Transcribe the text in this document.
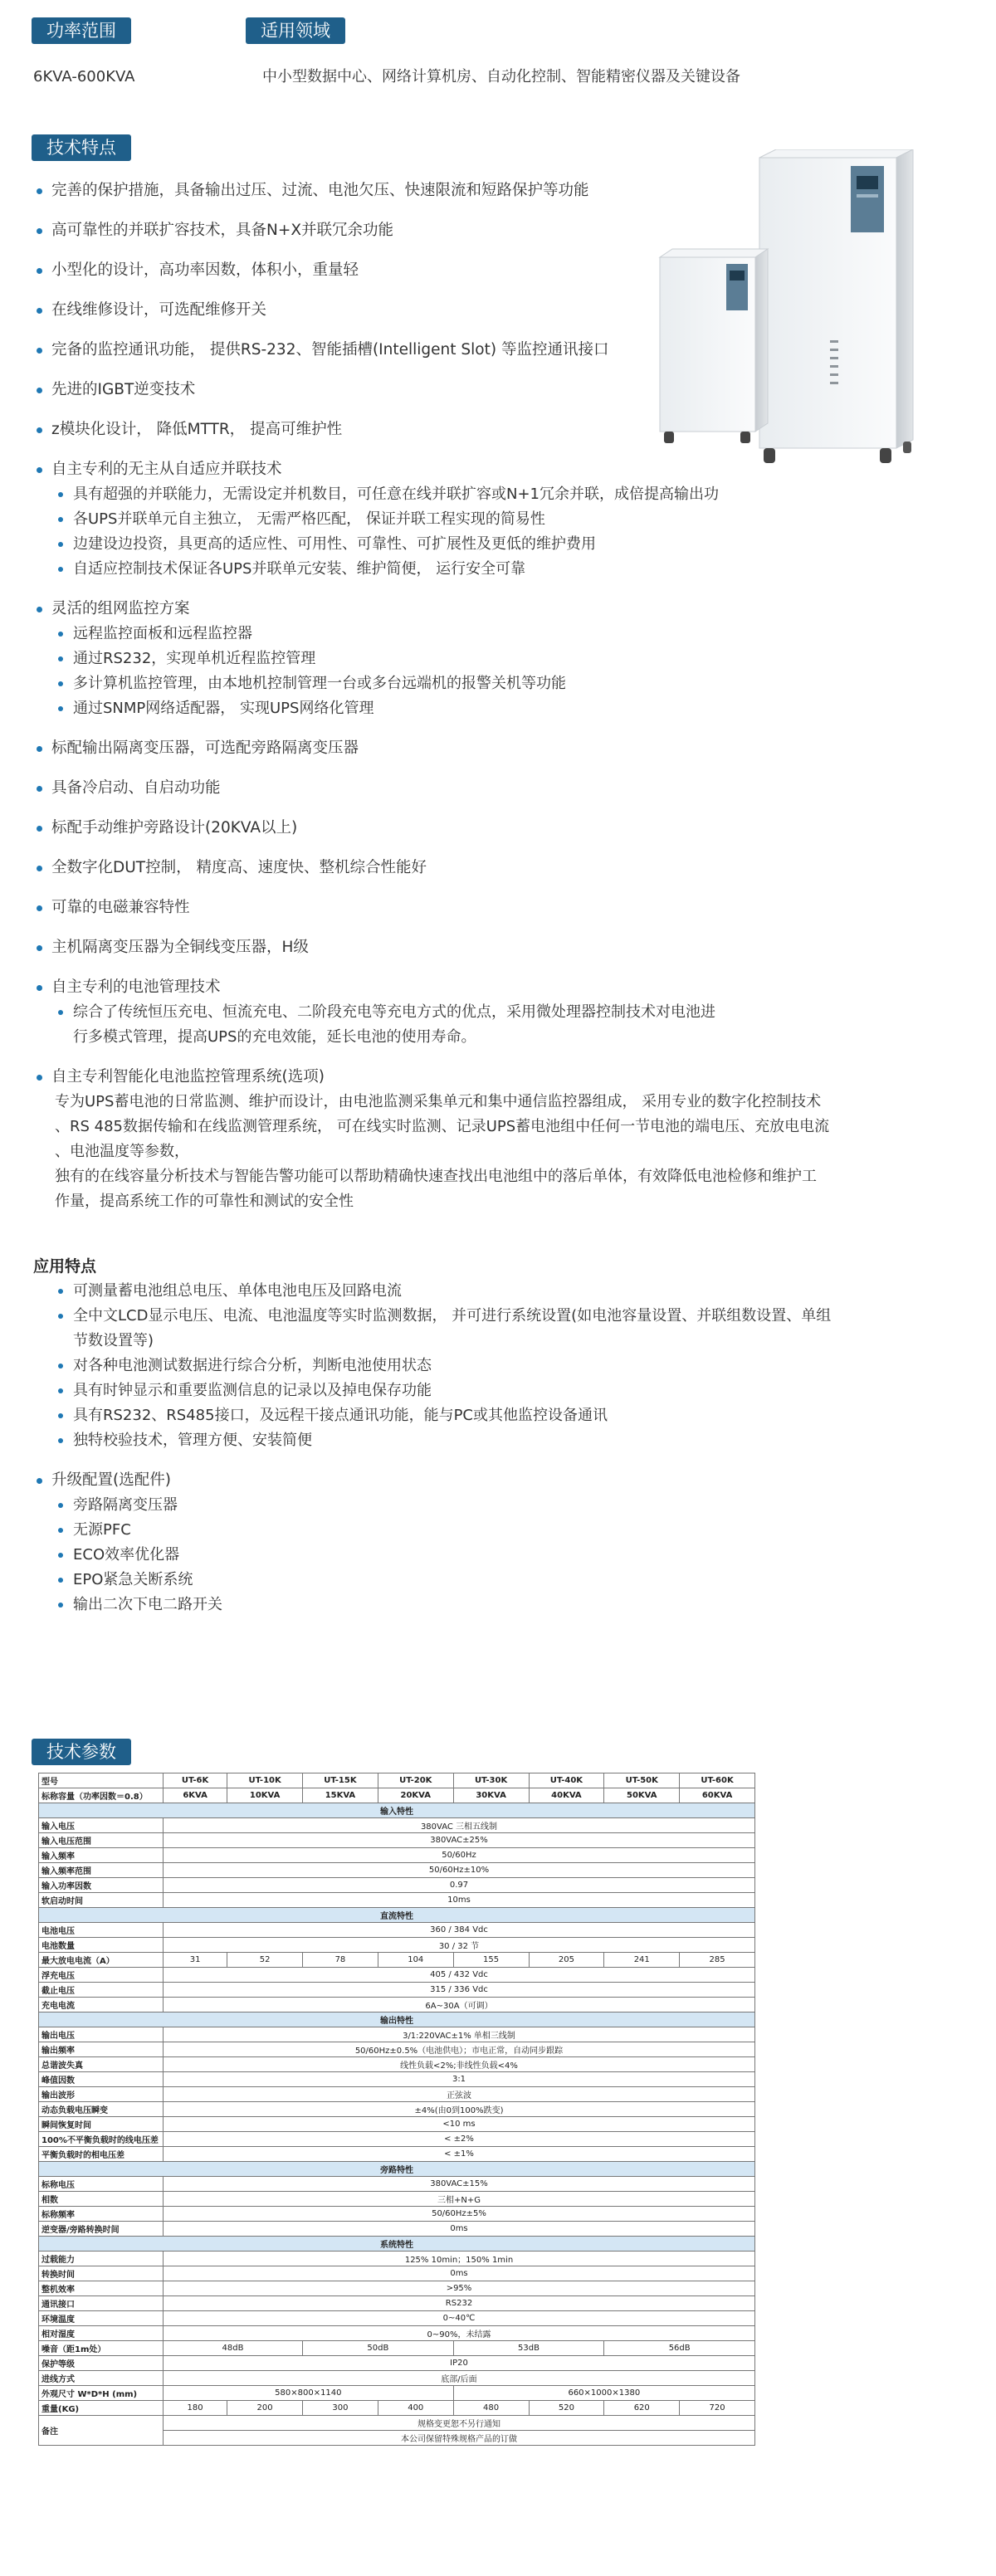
功率范围	适用领域
6KVA-600KVA	中小型数据中心、网络计算机房、自动化控制、智能精密仪器及关键设备
技术特点
完善的保护措施，具备输出过压、过流、电池欠压、快速限流和短路保护等功能
高可靠性的并联扩容技术，具备N+X并联冗余功能
小型化的设计，高功率因数，体积小，重量轻
在线维修设计，可选配维修开关
完备的监控通讯功能， 提供RS-232、智能插槽(Intelligent Slot) 等监控通讯接口
先进的IGBT逆变技术
z模块化设计， 降低MTTR， 提高可维护性
自主专利的无主从自适应并联技术
具有超强的并联能力，无需设定并机数目，可任意在线并联扩容或N+1冗余并联，成倍提高输出功
各UPS并联单元自主独立， 无需严格匹配， 保证并联工程实现的简易性
边建设边投资，具更高的适应性、可用性、可靠性、可扩展性及更低的维护费用
自适应控制技术保证各UPS并联单元安装、维护简便， 运行安全可靠
灵活的组网监控方案
远程监控面板和远程监控器
通过RS232，实现单机近程监控管理
多计算机监控管理，由本地机控制管理一台或多台远端机的报警关机等功能
通过SNMP网络适配器， 实现UPS网络化管理
标配输出隔离变压器，可选配旁路隔离变压器
具备冷启动、自启动功能
标配手动维护旁路设计(20KVA以上)
全数字化DUT控制， 精度高、速度快、整机综合性能好
可靠的电磁兼容特性
主机隔离变压器为全铜线变压器，H级
自主专利的电池管理技术
综合了传统恒压充电、恒流充电、二阶段充电等充电方式的优点，采用微处理器控制技术对电池进
行多模式管理，提高UPS的充电效能，延长电池的使用寿命。
自主专利智能化电池监控管理系统(选项)
专为UPS蓄电池的日常监测、维护而设计，由电池监测采集单元和集中通信监控器组成， 采用专业的数字化控制技术
、RS 485数据传输和在线监测管理系统， 可在线实时监测、记录UPS蓄电池组中任何一节电池的端电压、充放电电流
、电池温度等参数，
独有的在线容量分析技术与智能告警功能可以帮助精确快速查找出电池组中的落后单体，有效降低电池检修和维护工
作量，提高系统工作的可靠性和测试的安全性
应用特点
可测量蓄电池组总电压、单体电池电压及回路电流
全中文LCD显示电压、电流、电池温度等实时监测数据， 并可进行系统设置(如电池容量设置、并联组数设置、单组
节数设置等)
对各种电池测试数据进行综合分析，判断电池使用状态
具有时钟显示和重要监测信息的记录以及掉电保存功能
具有RS232、RS485接口，及远程干接点通讯功能，能与PC或其他监控设备通讯
独特校验技术，管理方便、安装简便
升级配置(选配件)
旁路隔离变压器
无源PFC
ECO效率优化器
EPO紧急关断系统
输出二次下电二路开关
技术参数
型号	UT-6K	UT-10K	UT-15K	UT-20K	UT-30K	UT-40K	UT-50K	UT-60K
标称容量（功率因数＝0.8）	6KVA	10KVA	15KVA	20KVA	30KVA	40KVA	50KVA	60KVA
输入特性								
输入电压	380VAC 三相五线制							
输入电压范围	380VAC±25%							
输入频率	50/60Hz							
输入频率范围	50/60Hz±10%							
输入功率因数	0.97							
软启动时间	10ms							
直流特性								
电池电压	360 / 384 Vdc							
电池数量	30 / 32 节							
最大放电电流（A）	31	52	78	104	155	205	241	285
浮充电压	405 / 432 Vdc							
截止电压	315 / 336 Vdc							
充电电流	6A~30A（可调）							
输出特性								
输出电压	3/1:220VAC±1% 单相三线制							
输出频率	50/60Hz±0.5%（电池供电）；市电正常，自动同步跟踪							
总谐波失真	线性负载<2%;非线性负载<4%							
峰值因数	3:1							
输出波形	正弦波							
动态负载电压瞬变	±4%(由0到100%跌变)							
瞬间恢复时间	<10 ms							
100%不平衡负载时的线电压差	< ±2%							
平衡负载时的相电压差	< ±1%							
旁路特性								
标称电压	380VAC±15%							
相数	三相+N+G							
标称频率	50/60Hz±5%							
逆变器/旁路转换时间	0ms							
系统特性								
过载能力	125% 10min；150% 1min							
转换时间	0ms							
整机效率	>95%							
通讯接口	RS232							
环境温度	0~40℃							
相对湿度	0~90%，未结露							
噪音（距1m处）	48dB		50dB		53dB		56dB	
保护等级	IP20							
进线方式	底部/后面							
外观尺寸 W*D*H (mm)	580×800×1140				660×1000×1380			
重量(KG)	180	200	300	400	480	520	620	720
备注	规格变更恕不另行通知							
	本公司保留特殊规格产品的订做							
